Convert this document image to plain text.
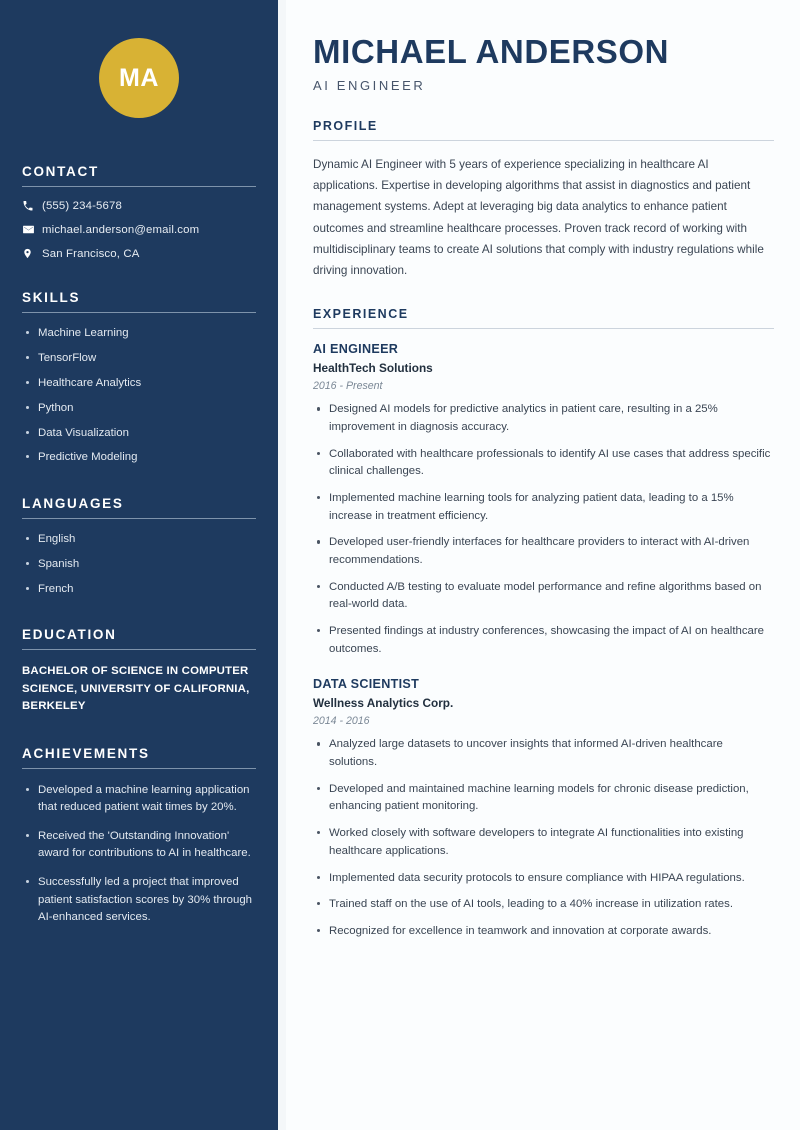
MA
CONTACT
(555) 234-5678
michael.anderson@email.com
San Francisco, CA
SKILLS
Machine Learning
TensorFlow
Healthcare Analytics
Python
Data Visualization
Predictive Modeling
LANGUAGES
English
Spanish
French
EDUCATION
BACHELOR OF SCIENCE IN COMPUTER SCIENCE, UNIVERSITY OF CALIFORNIA, BERKELEY
ACHIEVEMENTS
Developed a machine learning application that reduced patient wait times by 20%.
Received the 'Outstanding Innovation' award for contributions to AI in healthcare.
Successfully led a project that improved patient satisfaction scores by 30% through AI-enhanced services.
MICHAEL ANDERSON
AI ENGINEER
PROFILE

Dynamic AI Engineer with 5 years of experience specializing in healthcare AI applications. Expertise in developing algorithms that assist in diagnostics and patient management systems. Adept at leveraging big data analytics to enhance patient outcomes and streamline healthcare processes. Proven track record of working with multidisciplinary teams to create AI solutions that comply with industry regulations while driving innovation.

EXPERIENCE
AI ENGINEER
HealthTech Solutions
2016 - Present
Designed AI models for predictive analytics in patient care, resulting in a 25% improvement in diagnosis accuracy.
Collaborated with healthcare professionals to identify AI use cases that address specific clinical challenges.
Implemented machine learning tools for analyzing patient data, leading to a 15% increase in treatment efficiency.
Developed user-friendly interfaces for healthcare providers to interact with AI-driven recommendations.
Conducted A/B testing to evaluate model performance and refine algorithms based on real-world data.
Presented findings at industry conferences, showcasing the impact of AI on healthcare outcomes.
DATA SCIENTIST
Wellness Analytics Corp.
2014 - 2016
Analyzed large datasets to uncover insights that informed AI-driven healthcare solutions.
Developed and maintained machine learning models for chronic disease prediction, enhancing patient monitoring.
Worked closely with software developers to integrate AI functionalities into existing healthcare applications.
Implemented data security protocols to ensure compliance with HIPAA regulations.
Trained staff on the use of AI tools, leading to a 40% increase in utilization rates.
Recognized for excellence in teamwork and innovation at corporate awards.
